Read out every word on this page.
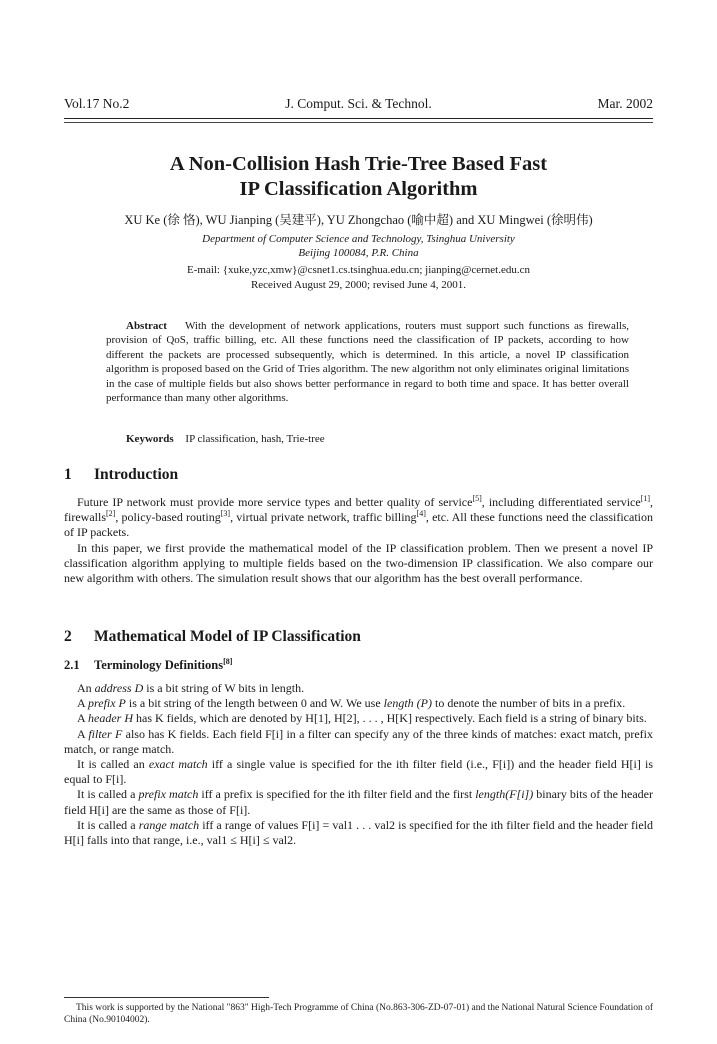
J. Comput. Sci. & Technol.
Vol.17 No.2	Mar. 2002
A Non-Collision Hash Trie-Tree Based Fast
IP Classification Algorithm
XU Ke (徐 恪), WU Jianping (吴建平), YU Zhongchao (喻中超) and XU Mingwei (徐明伟)
Department of Computer Science and Technology, Tsinghua University
Beijing 100084, P.R. China
E-mail: {xuke,yzc,xmw}@csnet1.cs.tsinghua.edu.cn; jianping@cernet.edu.cn
Received August 29, 2000; revised June 4, 2001.
Abstract With the development of network applications, routers must support such functions as firewalls, provision of QoS, traffic billing, etc. All these functions need the classification of IP packets, according to how different the packets are processed subsequently, which is determined. In this article, a novel IP classification algorithm is proposed based on the Grid of Tries algorithm. The new algorithm not only eliminates original limitations in the case of multiple fields but also shows better performance in regard to both time and space. It has better overall performance than many other algorithms.
Keywords IP classification, hash, Trie-tree
1 Introduction

Future IP network must provide more service types and better quality of service[5], including differentiated service[1], firewalls[2], policy-based routing[3], virtual private network, traffic billing[4], etc. All these functions need the classification of IP packets.

In this paper, we first provide the mathematical model of the IP classification problem. Then we present a novel IP classification algorithm applying to multiple fields based on the two-dimension IP classification. We also compare our new algorithm with others. The simulation result shows that our algorithm has the best overall performance.

2 Mathematical Model of IP Classification
2.1 Terminology Definitions[8]

An address D is a bit string of W bits in length.

A prefix P is a bit string of the length between 0 and W. We use length (P) to denote the number of bits in a prefix.

A header H has K fields, which are denoted by H[1], H[2], . . . , H[K] respectively. Each field is a string of binary bits.

A filter F also has K fields. Each field F[i] in a filter can specify any of the three kinds of matches: exact match, prefix match, or range match.

It is called an exact match iff a single value is specified for the ith filter field (i.e., F[i]) and the header field H[i] is equal to F[i].

It is called a prefix match iff a prefix is specified for the ith filter field and the first length(F[i]) binary bits of the header field H[i] are the same as those of F[i].

It is called a range match iff a range of values F[i] = val1 . . . val2 is specified for the ith filter field and the header field H[i] falls into that range, i.e., val1 ≤ H[i] ≤ val2.

This work is supported by the National "863" High-Tech Programme of China (No.863-306-ZD-07-01) and the National Natural Science Foundation of China (No.90104002).
